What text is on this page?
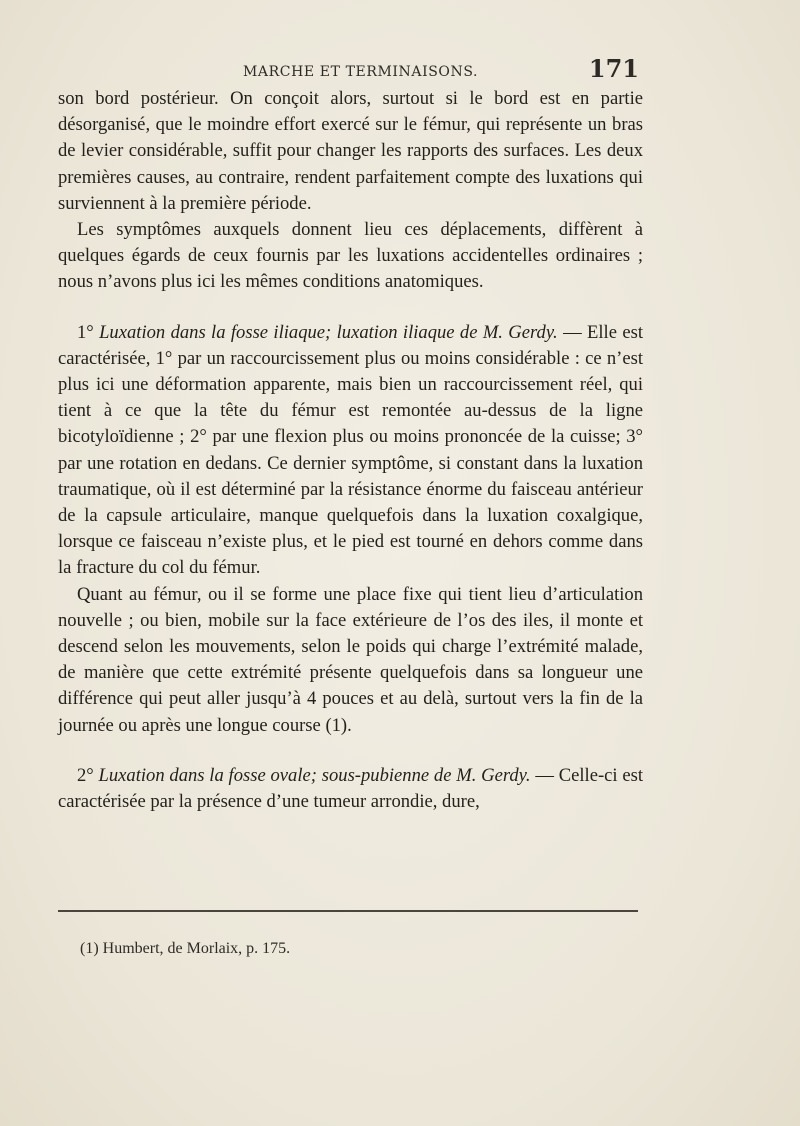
MARCHE ET TERMINAISONS.	171

son bord postérieur. On conçoit alors, surtout si le bord est en partie désorganisé, que le moindre effort exercé sur le fémur, qui représente un bras de levier considérable, suffit pour changer les rapports des surfaces. Les deux premières causes, au contraire, rendent parfaitement compte des luxations qui surviennent à la première période.

Les symptômes auxquels donnent lieu ces déplacements, diffèrent à quelques égards de ceux fournis par les luxations accidentelles ordinaires ; nous n’avons plus ici les mêmes conditions anatomiques.

1° Luxation dans la fosse iliaque; luxation iliaque de M. Gerdy. — Elle est caractérisée, 1° par un raccourcissement plus ou moins considérable : ce n’est plus ici une déformation apparente, mais bien un raccourcissement réel, qui tient à ce que la tête du fémur est remontée au-dessus de la ligne bicotyloïdienne ; 2° par une flexion plus ou moins prononcée de la cuisse; 3° par une rotation en dedans. Ce dernier symptôme, si constant dans la luxation traumatique, où il est déterminé par la résistance énorme du faisceau antérieur de la capsule articulaire, manque quelquefois dans la luxation coxalgique, lorsque ce faisceau n’existe plus, et le pied est tourné en dehors comme dans la fracture du col du fémur.

Quant au fémur, ou il se forme une place fixe qui tient lieu d’articulation nouvelle ; ou bien, mobile sur la face extérieure de l’os des iles, il monte et descend selon les mouvements, selon le poids qui charge l’extrémité malade, de manière que cette extrémité présente quelquefois dans sa longueur une différence qui peut aller jusqu’à 4 pouces et au delà, surtout vers la fin de la journée ou après une longue course (1).

2° Luxation dans la fosse ovale; sous-pubienne de M. Gerdy. — Celle-ci est caractérisée par la présence d’une tumeur arrondie, dure,

(1) Humbert, de Morlaix, p. 175.
